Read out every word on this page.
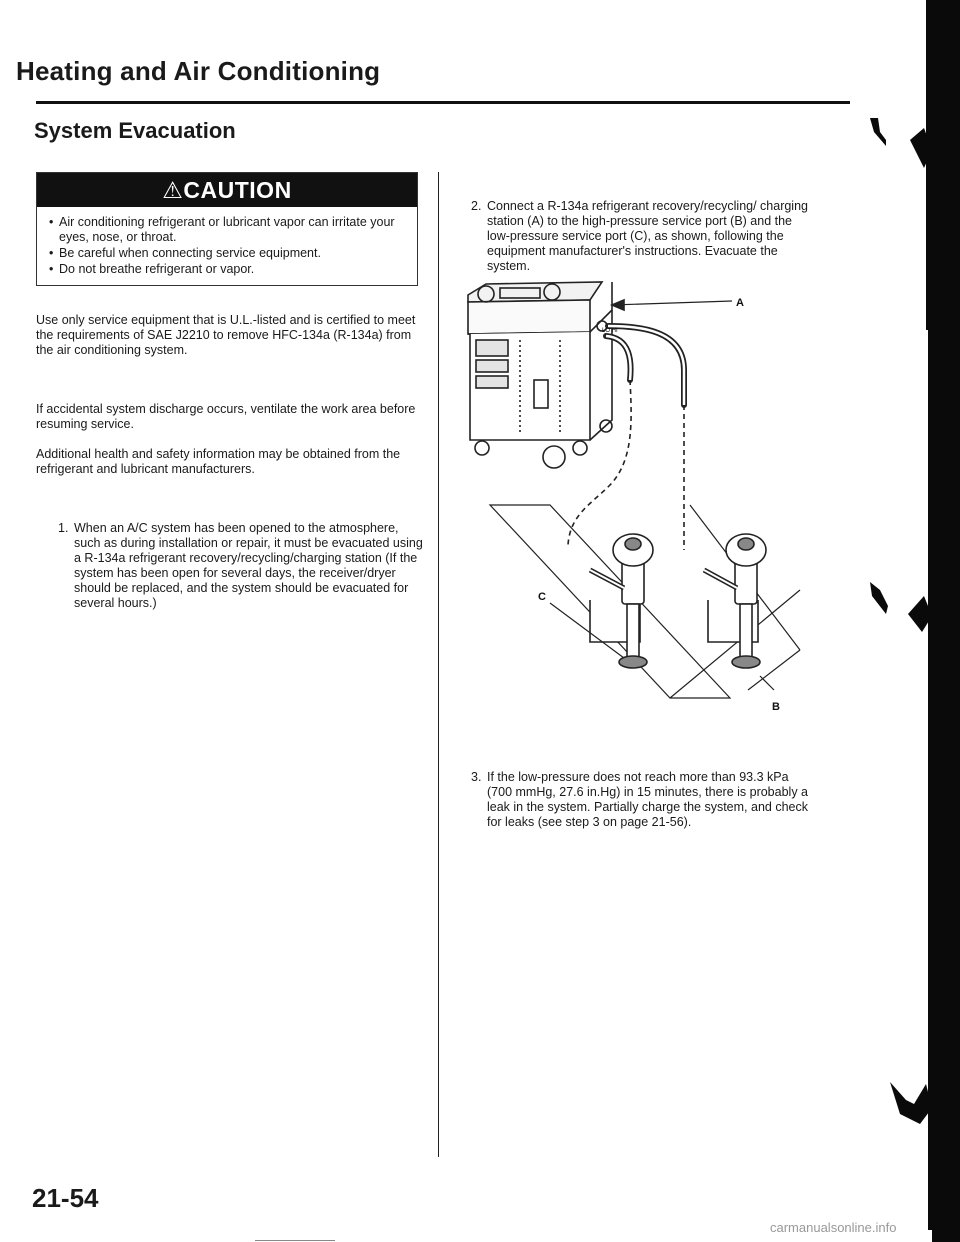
Heating and Air Conditioning
System Evacuation
⚠CAUTION
• Air conditioning refrigerant or lubricant vapor can irritate your eyes, nose, or throat.
• Be careful when connecting service equipment.
• Do not breathe refrigerant or vapor.
Use only service equipment that is U.L.-listed and is certified to meet the requirements of SAE J2210 to remove HFC-134a (R-134a) from the air conditioning system.
If accidental system discharge occurs, ventilate the work area before resuming service.
Additional health and safety information may be obtained from the refrigerant and lubricant manufacturers.
1. When an A/C system has been opened to the atmosphere, such as during installation or repair, it must be evacuated using a R-134a refrigerant recovery/recycling/charging station (If the system has been open for several days, the receiver/dryer should be replaced, and the system should be evacuated for several hours.)
2. Connect a R-134a refrigerant recovery/recycling/ charging station (A) to the high-pressure service port (B) and the low-pressure service port (C), as shown, following the equipment manufacturer's instructions. Evacuate the system.
A
LO HI
C
B
3. If the low-pressure does not reach more than 93.3 kPa (700 mmHg, 27.6 in.Hg) in 15 minutes, there is probably a leak in the system. Partially charge the system, and check for leaks (see step 3 on page 21-56).
21-54
carmanualsonline.info
